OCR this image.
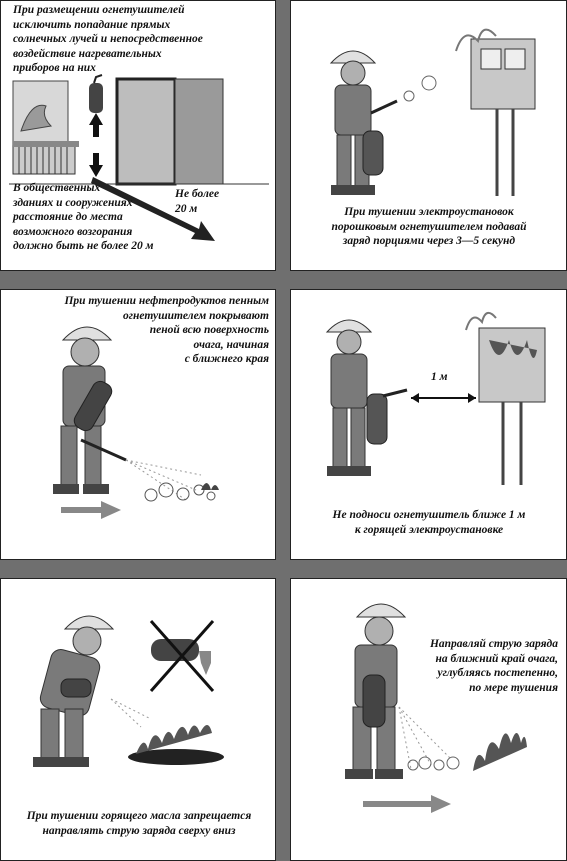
При размещении огнетушителей
исключить попадание прямых
солнечных лучей и непосредственное
воздействие нагревательных
приборов на них
В общественных
зданиях и сооружениях
расстояние до места
возможного возгорания
должно быть не более 20 м
Не более
20 м	При тушении электроустановок
порошковым огнетушителем подавай
заряд порциями через 3—5 секунд
При тушении нефтепродуктов пенным
огнетушителем покрывают
пеной всю поверхность
очага, начиная
с ближнего края
1 м
Не подноси огнетушитель ближе 1 м
к горящей электроустановке
При тушении горящего масла запрещается
направлять струю заряда сверху вниз
Направляй струю заряда
на ближний край очага,
углубляясь постепенно,
по мере тушения
